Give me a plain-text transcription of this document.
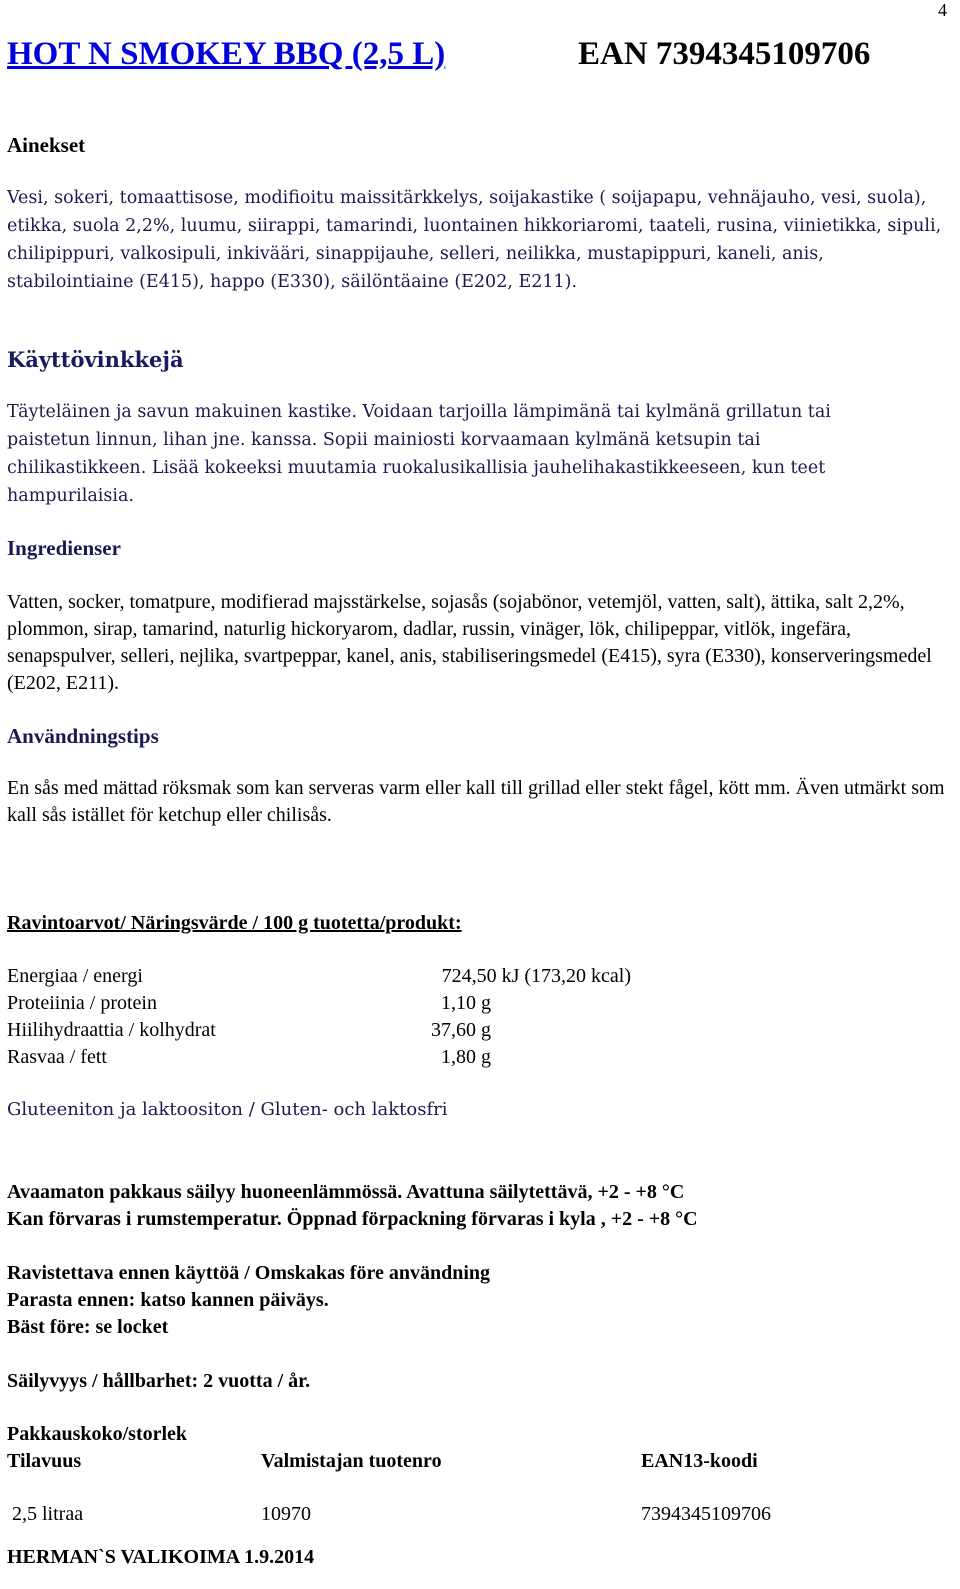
4
HOT N SMOKEY BBQ (2,5 L)	EAN 7394345109706
Ainekset
Vesi, sokeri, tomaattisose, modifioitu maissitärkkelys, soijakastike ( soijapapu, vehnäjauho, vesi, suola), etikka, suola 2,2%, luumu, siirappi, tamarindi, luontainen hikkoriaromi, taateli, rusina, viinietikka, sipuli, chilipippuri, valkosipuli, inkivääri, sinappijauhe, selleri, neilikka, mustapippuri, kaneli, anis, stabilointiaine (E415), happo (E330), säilöntäaine (E202, E211).
Käyttövinkkejä
Täyteläinen ja savun makuinen kastike. Voidaan tarjoilla lämpimänä tai kylmänä grillatun tai paistetun linnun, lihan jne. kanssa. Sopii mainiosti korvaamaan kylmänä ketsupin tai chilikastikkeen. Lisää kokeeksi muutamia ruokalusikallisia jauhelihakastikkeeseen, kun teet hampurilaisia.
Ingredienser
Vatten, socker, tomatpure, modifierad majsstärkelse, sojasås (sojabönor, vetemjöl, vatten, salt), ättika, salt 2,2%, plommon, sirap, tamarind, naturlig hickoryarom, dadlar, russin, vinäger, lök, chilipeppar, vitlök, ingefära, senapspulver, selleri, nejlika, svartpeppar, kanel, anis, stabiliseringsmedel (E415), syra (E330), konserveringsmedel (E202, E211).
Användningstips
En sås med mättad röksmak som kan serveras varm eller kall till grillad eller stekt fågel, kött mm. Även utmärkt som kall sås istället för ketchup eller chilisås.
Ravintoarvot/ Näringsvärde / 100 g tuotetta/produkt:
Energiaa / energi	724,50 kJ (173,20 kcal)
Proteiinia / protein	1,10 g
Hiilihydraattia / kolhydrat	37,60 g
Rasvaa / fett	1,80 g
Gluteeniton ja laktoositon / Gluten- och laktosfri
Avaamaton pakkaus säilyy huoneenlämmössä. Avattuna säilytettävä, +2 - +8 °C
Kan förvaras i rumstemperatur. Öppnad förpackning förvaras i kyla , +2 - +8 °C
Ravistettava ennen käyttöä / Omskakas före användning
Parasta ennen: katso kannen päiväys.
Bäst före: se locket
Säilyvyys / hållbarhet: 2 vuotta / år.
Pakkauskoko/storlek
Tilavuus	Valmistajan tuotenro	EAN13-koodi
2,5 litraa	10970	7394345109706
HERMAN`S VALIKOIMA 1.9.2014
